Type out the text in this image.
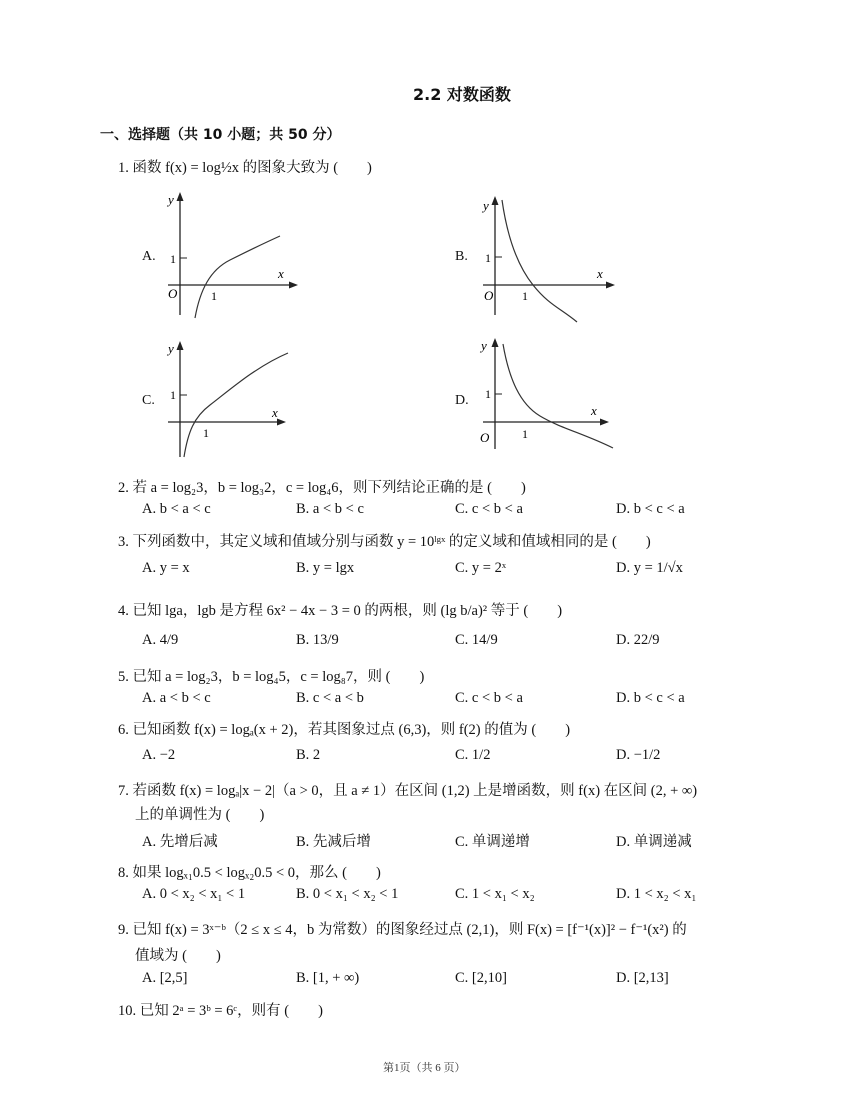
2.2 对数函数
一、选择题（共 10 小题；共 50 分）
1. 函数 f(x) = log½x 的图象大致为 (　　)
A.
y
x
O
1
1
B.
y
x
O
1
1
C.
y
x
1
1
D.
y
x
O
1
1
2. 若 a = log₂3，b = log₃2，c = log₄6，则下列结论正确的是 (　　)
A. b < a < c	B. a < b < c	C. c < b < a	D. b < c < a
3. 下列函数中，其定义域和值域分别与函数 y = 10ˡᵍˣ 的定义域和值域相同的是 (　　)
A. y = x	B. y = lgx	C. y = 2ˣ	D. y = 1/√x
4. 已知 lga，lgb 是方程 6x² − 4x − 3 = 0 的两根，则 (lg b/a)² 等于 (　　)
A. 4/9	B. 13/9	C. 14/9	D. 22/9
5. 已知 a = log₂3，b = log₄5，c = log₈7，则 (　　)
A. a < b < c	B. c < a < b	C. c < b < a	D. b < c < a
6. 已知函数 f(x) = logₐ(x + 2)，若其图象过点 (6,3)，则 f(2) 的值为 (　　)
A. −2	B. 2	C. 1/2	D. −1/2
7. 若函数 f(x) = logₐ|x − 2|（a > 0，且 a ≠ 1）在区间 (1,2) 上是增函数，则 f(x) 在区间 (2, + ∞)
上的单调性为 (　　)
A. 先增后减	B. 先减后增	C. 单调递增	D. 单调递减
8. 如果 logₓ₁0.5 < logₓ₂0.5 < 0，那么 (　　)
A. 0 < x₂ < x₁ < 1	B. 0 < x₁ < x₂ < 1	C. 1 < x₁ < x₂	D. 1 < x₂ < x₁
9. 已知 f(x) = 3ˣ⁻ᵇ（2 ≤ x ≤ 4，b 为常数）的图象经过点 (2,1)，则 F(x) = [f⁻¹(x)]² − f⁻¹(x²) 的
值域为 (　　)
A. [2,5]	B. [1, + ∞)	C. [2,10]	D. [2,13]
10. 已知 2ᵃ = 3ᵇ = 6ᶜ，则有 (　　)
第1页（共 6 页）
